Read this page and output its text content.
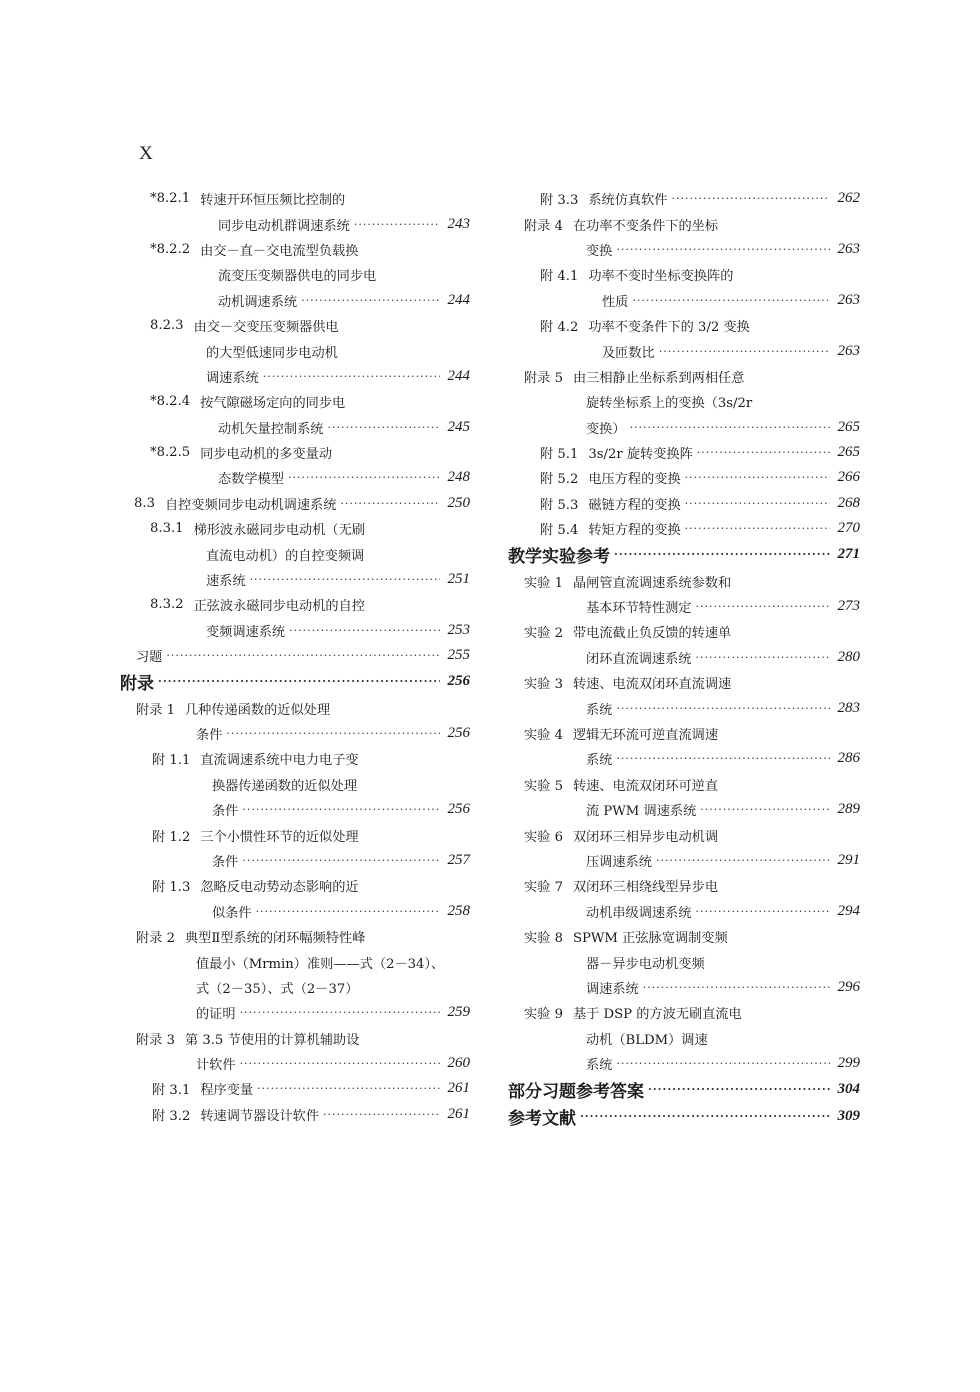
X
*8.2.1 转速开环恒压频比控制的
同步电动机群调速系统 ·····	243
*8.2.2 由交－直－交电流型负载换
流变压变频器供电的同步电
动机调速系统 ·····	244
8.2.3 由交－交变压变频器供电
的大型低速同步电动机
调速系统 ·····	244
*8.2.4 按气隙磁场定向的同步电
动机矢量控制系统 ·····	245
*8.2.5 同步电动机的多变量动
态数学模型 ·····	248
8.3 自控变频同步电动机调速系统 ·····	250
8.3.1 梯形波永磁同步电动机（无刷
直流电动机）的自控变频调
速系统 ·····	251
8.3.2 正弦波永磁同步电动机的自控
变频调速系统 ·····	253
习题 ·····	255
附录 ·····	256
附录 1 几种传递函数的近似处理
条件 ·····	256
附 1.1 直流调速系统中电力电子变
换器传递函数的近似处理
条件 ·····	256
附 1.2 三个小惯性环节的近似处理
条件 ·····	257
附 1.3 忽略反电动势动态影响的近
似条件 ·····	258
附录 2 典型Ⅱ型系统的闭环幅频特性峰
值最小（Mrmin）准则——式（2－34）、
式（2－35）、式（2－37）
的证明 ·····	259
附录 3 第 3.5 节使用的计算机辅助设
计软件 ·····	260
附 3.1 程序变量 ·····	261
附 3.2 转速调节器设计软件 ·····	261
附 3.3 系统仿真软件 ·····	262
附录 4 在功率不变条件下的坐标
变换 ·····	263
附 4.1 功率不变时坐标变换阵的
性质 ·····	263
附 4.2 功率不变条件下的 3/2 变换
及匝数比 ·····	263
附录 5 由三相静止坐标系到两相任意
旋转坐标系上的变换（3s/2r
变换） ·····	265
附 5.1 3s/2r 旋转变换阵 ·····	265
附 5.2 电压方程的变换 ·····	266
附 5.3 磁链方程的变换 ·····	268
附 5.4 转矩方程的变换 ·····	270
教学实验参考 ·····	271
实验 1 晶闸管直流调速系统参数和
基本环节特性测定 ·····	273
实验 2 带电流截止负反馈的转速单
闭环直流调速系统 ·····	280
实验 3 转速、电流双闭环直流调速
系统 ·····	283
实验 4 逻辑无环流可逆直流调速
系统 ·····	286
实验 5 转速、电流双闭环可逆直
流 PWM 调速系统 ·····	289
实验 6 双闭环三相异步电动机调
压调速系统 ·····	291
实验 7 双闭环三相绕线型异步电
动机串级调速系统 ·····	294
实验 8 SPWM 正弦脉宽调制变频
器－异步电动机变频
调速系统 ·····	296
实验 9 基于 DSP 的方波无刷直流电
动机（BLDM）调速
系统 ·····	299
部分习题参考答案 ·····	304
参考文献 ·····	309
